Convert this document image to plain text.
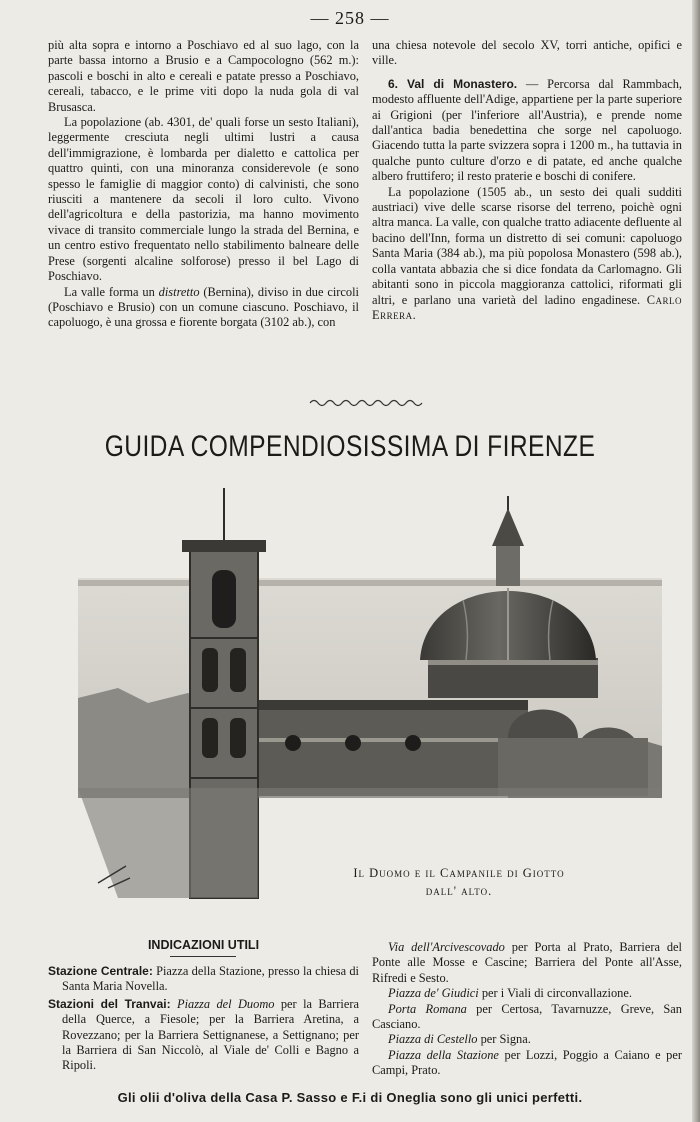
— 258 —

più alta sopra e intorno a Poschiavo ed al suo lago, con la parte bassa intorno a Brusio e a Campocologno (562 m.): pascoli e boschi in alto e cereali e patate presso a Poschiavo, cereali, tabacco, e le prime viti dopo la nuda gola di val Brusasca.

La popolazione (ab. 4301, de' quali forse un sesto Italiani), leggermente cresciuta negli ultimi lustri a causa dell'immigrazione, è lombarda per dialetto e cattolica per quattro quinti, con una minoranza considerevole (e sono spesso le famiglie di maggior conto) di calvinisti, che sono riusciti a mantenere da secoli il loro culto. Vivono dell'agricoltura e della pastorizia, ma hanno movimento vivace di transito commerciale lungo la strada del Bernina, e un centro estivo frequentato nello stabilimento balneare delle Prese (sorgenti alcaline solforose) presso il bel Lago di Poschiavo.

La valle forma un distretto (Bernina), diviso in due circoli (Poschiavo e Brusio) con un comune ciascuno. Poschiavo, il capoluogo, è una grossa e fiorente borgata (3102 ab.), con

una chiesa notevole del secolo XV, torri antiche, opifici e ville.

6. Val di Monastero. — Percorsa dal Rammbach, modesto affluente dell'Adige, appartiene per la parte superiore ai Grigioni (per l'inferiore all'Austria), e prende nome dall'antica badia benedettina che sorge nel capoluogo. Giacendo tutta la parte svizzera sopra i 1200 m., ha tuttavia in qualche punto culture d'orzo e di patate, ed anche qualche albero fruttifero; il resto praterie e boschi di conifere.

La popolazione (1505 ab., un sesto dei quali sudditi austriaci) vive delle scarse risorse del terreno, poichè ogni altra manca. La valle, con qualche tratto adiacente defluente al bacino dell'Inn, forma un distretto di sei comuni: capoluogo Santa Maria (384 ab.), ma più popolosa Monastero (598 ab.), colla vantata abbazia che si dice fondata da Carlomagno. Gli abitanti sono in piccola maggioranza cattolici, riformati gli altri, e parlano una varietà del ladino engadinese. Carlo Errera.

GUIDA COMPENDIOSISSIMA DI FIRENZE
Il Duomo e il Campanile di Giotto
dall' alto.
INDICAZIONI UTILI

Stazione Centrale: Piazza della Stazione, presso la chiesa di Santa Maria Novella.

Stazioni del Tranvai: Piazza del Duomo per la Barriera della Querce, a Fiesole; per la Barriera Aretina, a Rovezzano; per la Barriera Settignanese, a Settignano; per la Barriera di San Niccolò, al Viale de' Colli e Bagno a Ripoli.

Via dell'Arcivescovado per Porta al Prato, Barriera del Ponte alle Mosse e Cascine; Barriera del Ponte all'Asse, Rifredi e Sesto.

Piazza de' Giudici per i Viali di circonvallazione.

Porta Romana per Certosa, Tavarnuzze, Greve, San Casciano.

Piazza di Cestello per Signa.

Piazza della Stazione per Lozzi, Poggio a Caiano e per Campi, Prato.

Gli olii d'oliva della Casa P. Sasso e F.i di Oneglia sono gli unici perfetti.
